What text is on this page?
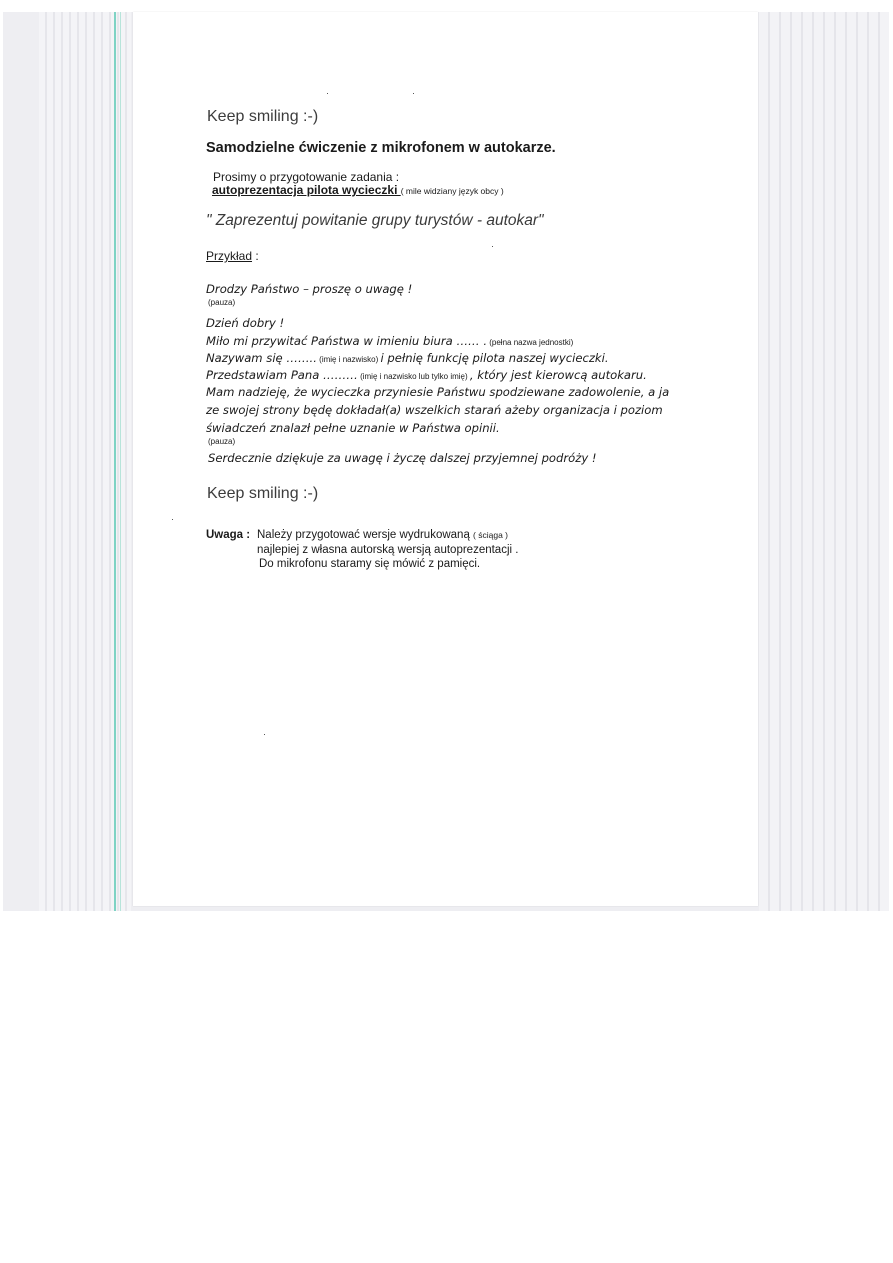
Keep smiling :-)
Samodzielne ćwiczenie z mikrofonem w autokarze.
Prosimy o przygotowanie zadania :
autoprezentacja pilota wycieczki ( mile widziany język obcy )
" Zaprezentuj powitanie grupy turystów - autokar"
Przykład :
Drodzy Państwo – proszę o uwagę !
(pauza)
Dzień dobry !
Miło mi przywitać Państwa w imieniu biura …… . (pełna nazwa jednostki)
Nazywam się …….. (imię i nazwisko) i pełnię funkcję pilota naszej wycieczki.
Przedstawiam Pana ……… (imię i nazwisko lub tylko imię) , który jest kierowcą autokaru.
Mam nadzieję, że wycieczka przyniesie Państwu spodziewane zadowolenie, a ja
ze swojej strony będę dokładał(a) wszelkich starań ażeby organizacja i poziom
świadczeń znalazł pełne uznanie w Państwa opinii.
(pauza)
Serdecznie dziękuje za uwagę i życzę dalszej przyjemnej podróży !
Keep smiling :-)
Uwaga : Należy przygotować wersje wydrukowaną ( ściąga )
najlepiej z własna autorską wersją autoprezentacji .
Do mikrofonu staramy się mówić z pamięci.
